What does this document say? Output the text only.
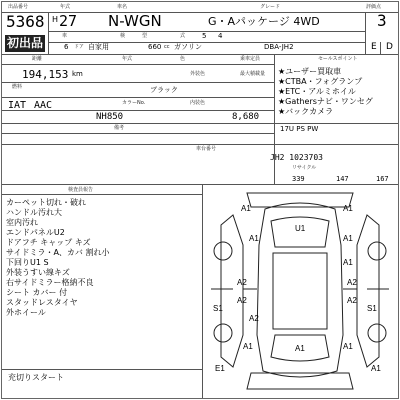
出品番号	年式	車名	グレード	評価点
5368
初出品
H 27 N-WGN	G・Aパッケージ 4WD	3
車	検	型	式 5 4
6 ドア 自家用	660 cc ガソリン	DBA-JH2	E D
距離	年式	色	乗車定員
194,153 km	外装色	最大積載量
燃料	ブラック
IAT AAC	カラーNo.	内装色
NH850	8,680
備考
セールスポイント
★ユーザー買取車
★CTBA・フォグランプ
★ETC・アルミホイル
★Gathersナビ・ワンセグ
★バックカメラ
17U PS PW
車台番号
JH2 1023703
リサイクル
339	147	167
検査員報告
カーペット切れ・破れ
ハンドル汚れ大
室内汚れ
エンドパネルU2
ドアフチ キャップ キズ
サイドミラ・A、カバ 割れ小
下回りU1 S
外装うすい線キズ
右サイドミラー格納不良
シート カバー 付
スタッドレスタイヤ
外ホイール
充切りスタート
A1	A1
U1
A1	A1
A1
A2	A2
A2	A2
A2
S1	S1
A1	A1
A1
E1	A1
